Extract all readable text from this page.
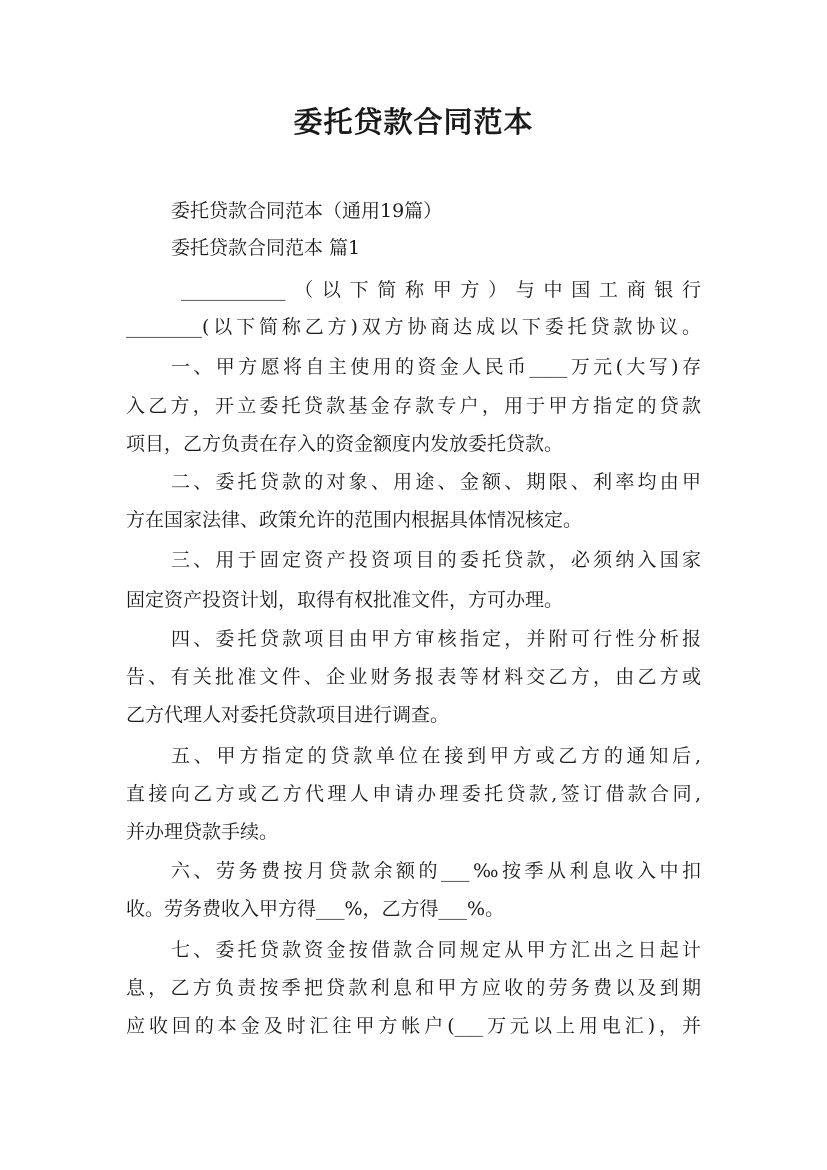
委托贷款合同范本
委托贷款合同范本（通用19篇）
委托贷款合同范本 篇1
___________（以下简称甲方）与中国工商银行
________(以下简称乙方)双方协商达成以下委托贷款协议。
一、甲方愿将自主使用的资金人民币____万元(大写)存
入乙方，开立委托贷款基金存款专户，用于甲方指定的贷款
项目，乙方负责在存入的资金额度内发放委托贷款。
二、委托贷款的对象、用途、金额、期限、利率均由甲
方在国家法律、政策允许的范围内根据具体情况核定。
三、用于固定资产投资项目的委托贷款，必须纳入国家
固定资产投资计划，取得有权批准文件，方可办理。
四、委托贷款项目由甲方审核指定，并附可行性分析报
告、有关批准文件、企业财务报表等材料交乙方，由乙方或
乙方代理人对委托贷款项目进行调查。
五、甲方指定的贷款单位在接到甲方或乙方的通知后,
直接向乙方或乙方代理人申请办理委托贷款,签订借款合同,
并办理贷款手续。
六、劳务费按月贷款余额的___‰按季从利息收入中扣
收。劳务费收入甲方得___%，乙方得___%。
七、委托贷款资金按借款合同规定从甲方汇出之日起计
息，乙方负责按季把贷款利息和甲方应收的劳务费以及到期
应收回的本金及时汇往甲方帐户(___万元以上用电汇)，并
